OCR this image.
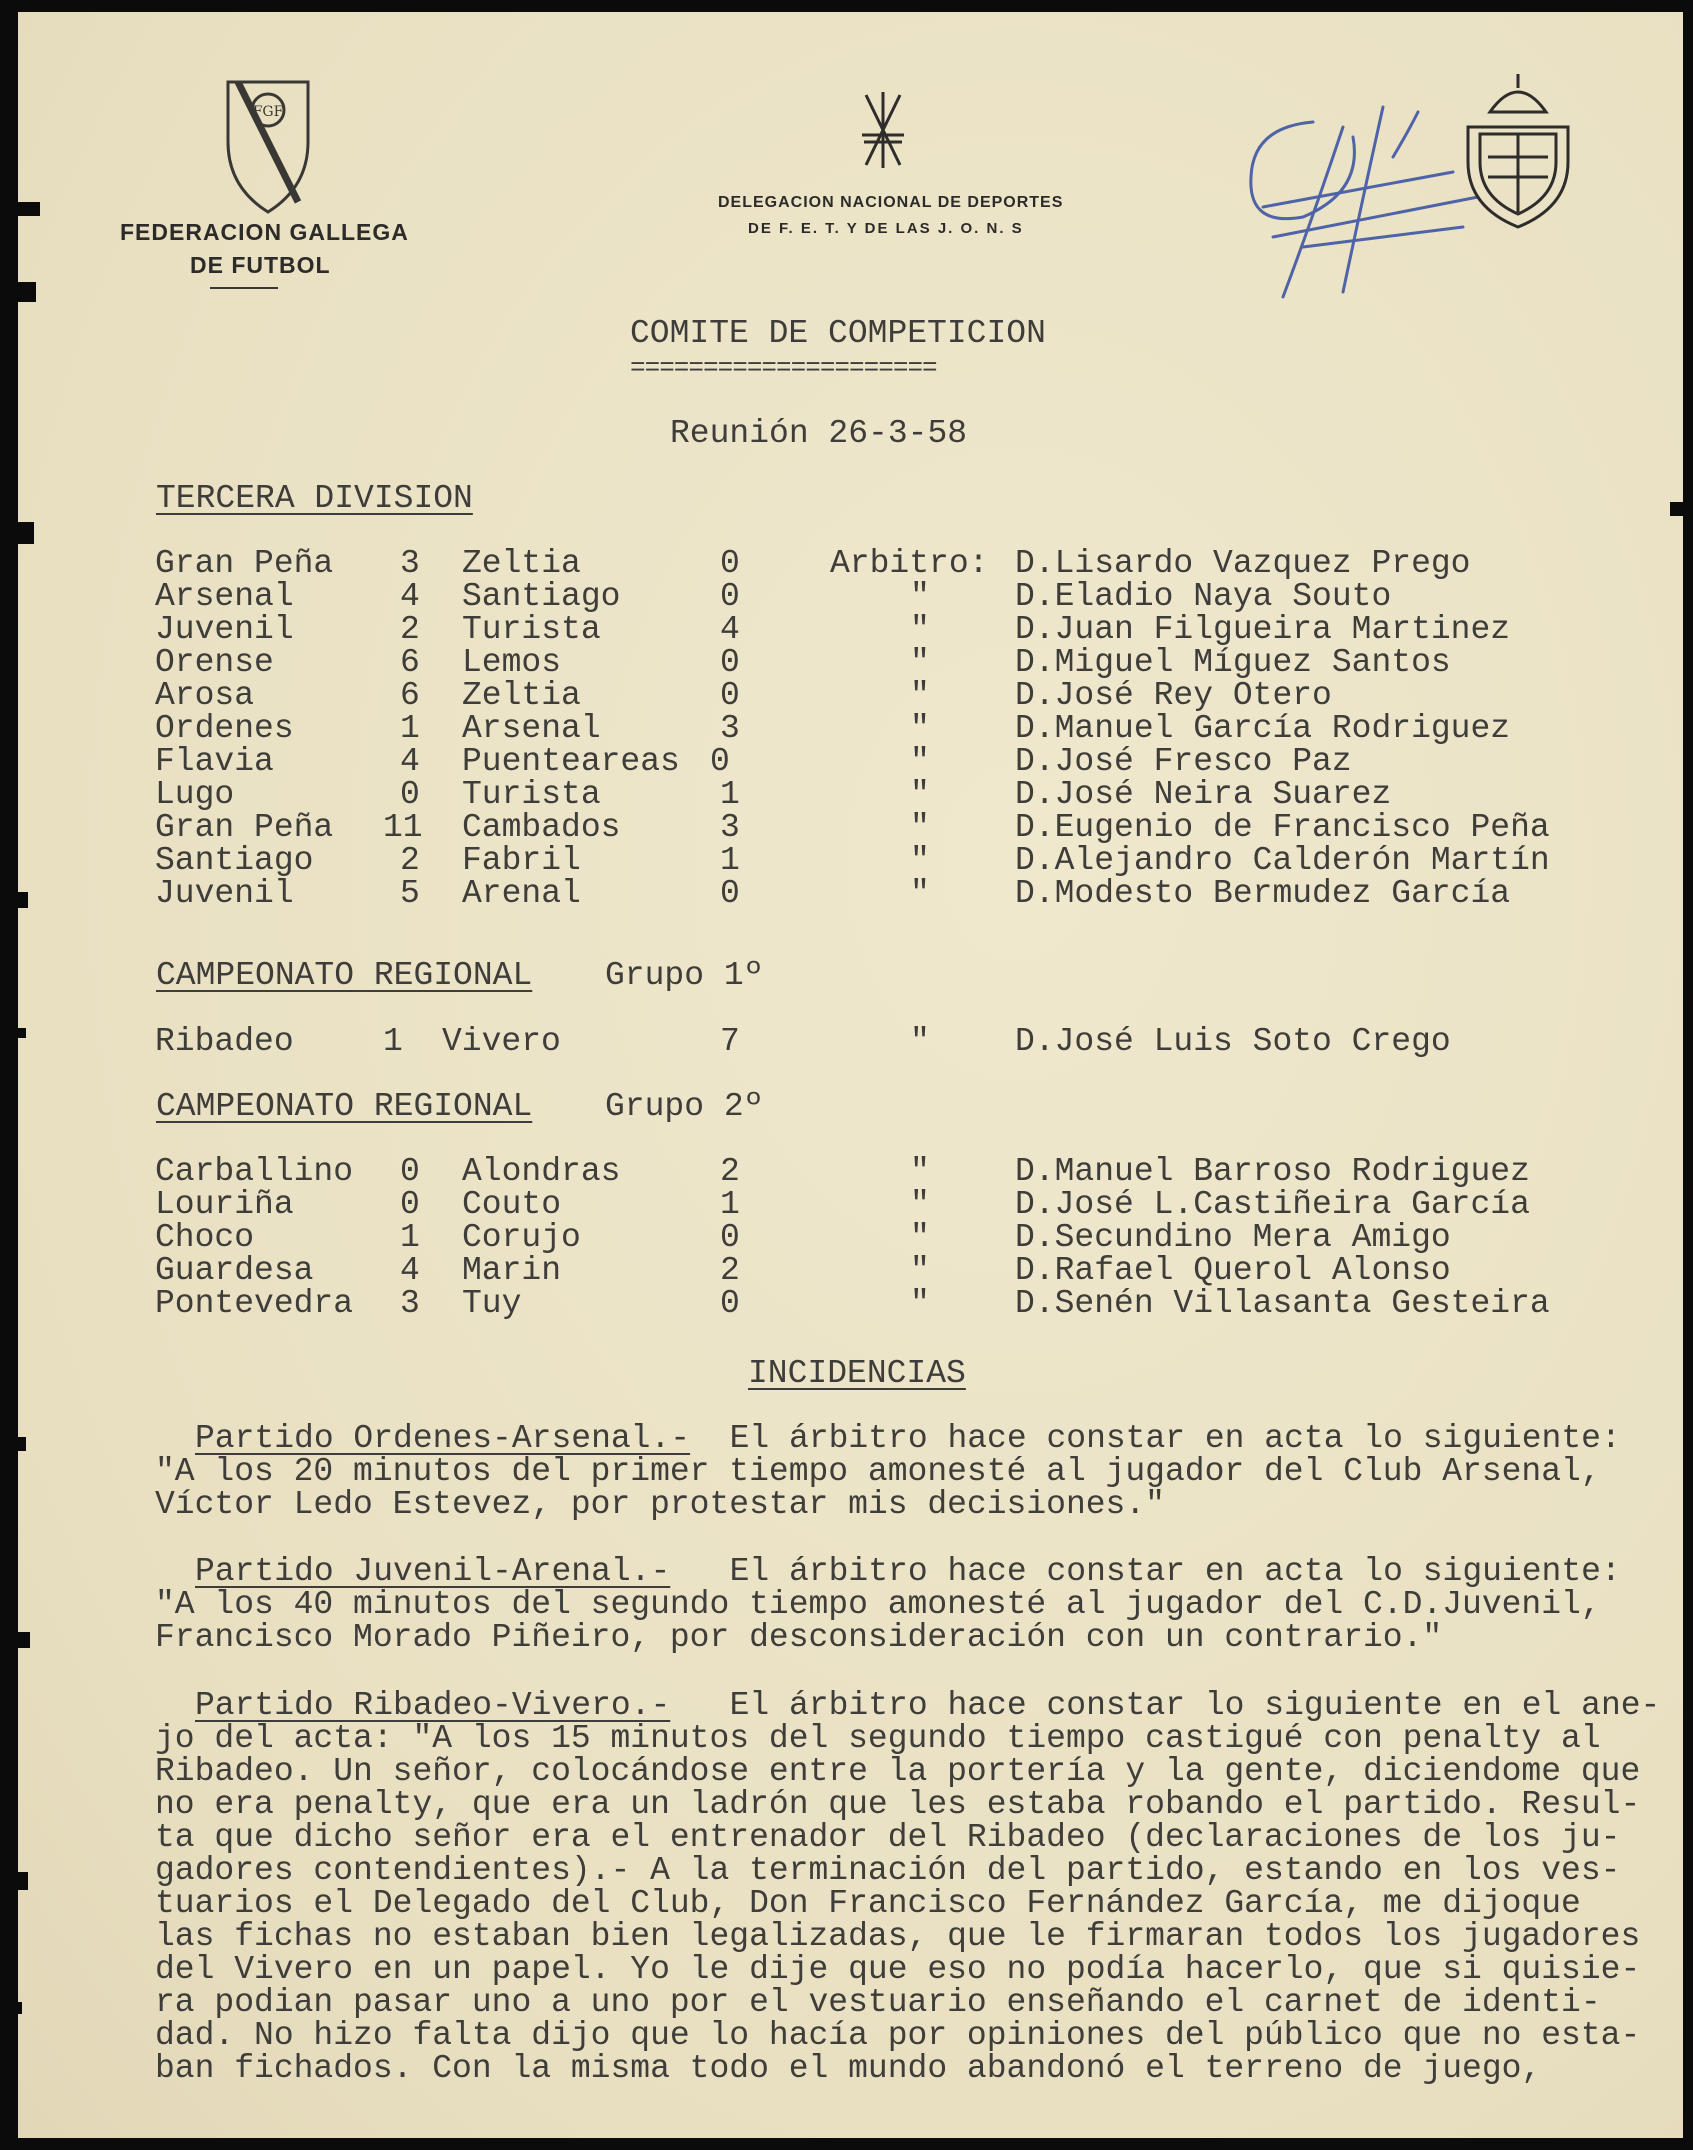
FGF
FEDERACION GALLEGA
DE FUTBOL
DELEGACION NACIONAL DE DEPORTES
DE F. E. T. Y DE LAS J. O. N. S
COMITE DE COMPETICION
=====================
Reunión 26-3-58
TERCERA DIVISION
Gran Peña 3 Zeltia	0	Arbitro: D.Lisardo Vazquez Prego
Arsenal	4 Santiago	0	"	D.Eladio Naya Souto
Juvenil	2 Turista	4	"	D.Juan Filgueira Martinez
Orense	6 Lemos	0	"	D.Miguel Míguez Santos
Arosa	6 Zeltia	0	"	D.José Rey Otero
Ordenes	1 Arsenal	3	"	D.Manuel García Rodriguez
Flavia	4 Puenteareas 0	"	D.José Fresco Paz
Lugo	0 Turista	1	"	D.José Neira Suarez
Gran Peña 11 Cambados	3	"	D.Eugenio de Francisco Peña
Santiago	2 Fabril	1	"	D.Alejandro Calderón Martín
Juvenil	5 Arenal	0	"	D.Modesto Bermudez García
CAMPEONATO REGIONAL Grupo 1º
Ribadeo	1 Vivero	7	"	D.José Luis Soto Crego
CAMPEONATO REGIONAL Grupo 2º
Carballino 0 Alondras	2	"	D.Manuel Barroso Rodriguez
Louriña	0 Couto	1	"	D.José L.Castiñeira García
Choco	1 Corujo	0	"	D.Secundino Mera Amigo
Guardesa	4 Marin	2	"	D.Rafael Querol Alonso
Pontevedra 3 Tuy	0	"	D.Senén Villasanta Gesteira
INCIDENCIAS
Partido Ordenes-Arsenal.- El árbitro hace constar en acta lo siguiente:
"A los 20 minutos del primer tiempo amonesté al jugador del Club Arsenal,
Víctor Ledo Estevez, por protestar mis decisiones."
Partido Juvenil-Arenal.- El árbitro hace constar en acta lo siguiente:
"A los 40 minutos del segundo tiempo amonesté al jugador del C.D.Juvenil,
Francisco Morado Piñeiro, por desconsideración con un contrario."
Partido Ribadeo-Vivero.- El árbitro hace constar lo siguiente en el ane-
jo del acta: "A los 15 minutos del segundo tiempo castigué con penalty al
Ribadeo. Un señor, colocándose entre la portería y la gente, diciendome que
no era penalty, que era un ladrón que les estaba robando el partido. Resul-
ta que dicho señor era el entrenador del Ribadeo (declaraciones de los ju-
gadores contendientes).- A la terminación del partido, estando en los ves-
tuarios el Delegado del Club, Don Francisco Fernández García, me dijoque
las fichas no estaban bien legalizadas, que le firmaran todos los jugadores
del Vivero en un papel. Yo le dije que eso no podía hacerlo, que si quisie-
ra podian pasar uno a uno por el vestuario enseñando el carnet de identi-
dad. No hizo falta dijo que lo hacía por opiniones del público que no esta-
ban fichados. Con la misma todo el mundo abandonó el terreno de juego,
